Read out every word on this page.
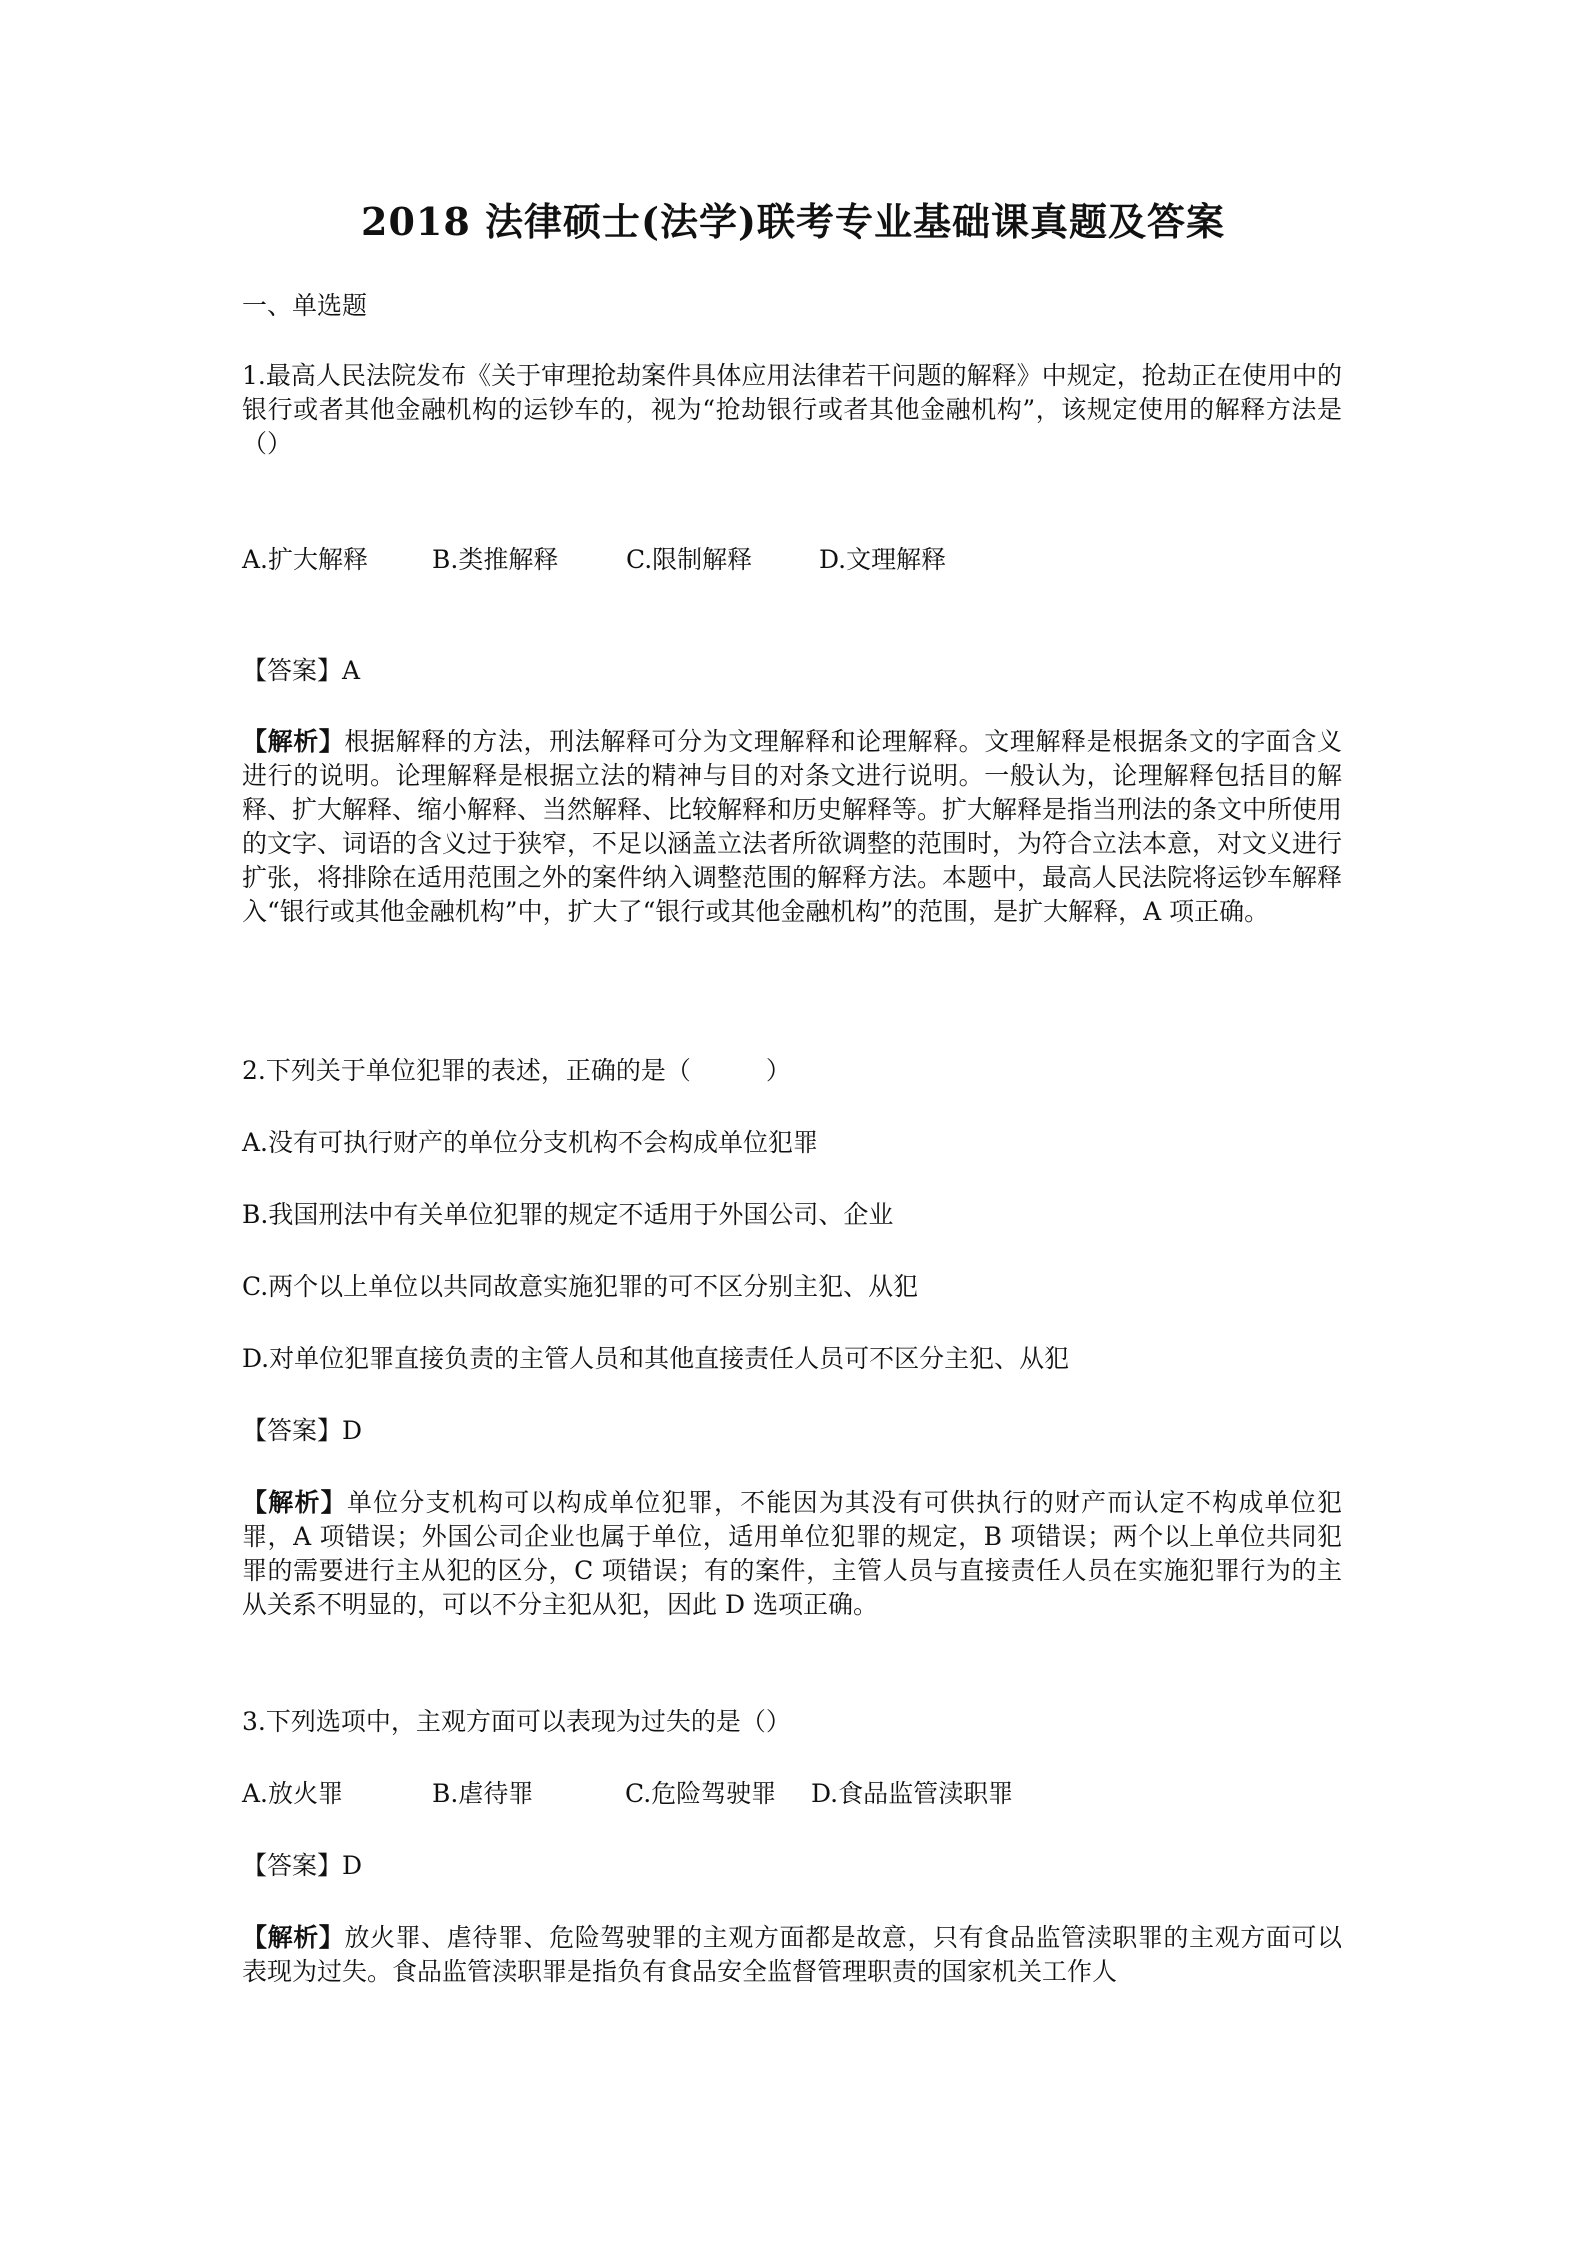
2018 法律硕士(法学)联考专业基础课真题及答案
一、单选题
1.最高人民法院发布《关于审理抢劫案件具体应用法律若干问题的解释》中规定，抢劫正在使用中的银行或者其他金融机构的运钞车的，视为“抢劫银行或者其他金融机构”，该规定使用的解释方法是（）
A.扩大解释	B.类推解释	C.限制解释	D.文理解释
【答案】A
【解析】根据解释的方法，刑法解释可分为文理解释和论理解释。文理解释是根据条文的字面含义进行的说明。论理解释是根据立法的精神与目的对条文进行说明。一般认为，论理解释包括目的解释、扩大解释、缩小解释、当然解释、比较解释和历史解释等。扩大解释是指当刑法的条文中所使用的文字、词语的含义过于狭窄，不足以涵盖立法者所欲调整的范围时，为符合立法本意，对文义进行扩张，将排除在适用范围之外的案件纳入调整范围的解释方法。本题中，最高人民法院将运钞车解释入“银行或其他金融机构”中，扩大了“银行或其他金融机构”的范围，是扩大解释，A 项正确。
2.下列关于单位犯罪的表述，正确的是（　　　）
A.没有可执行财产的单位分支机构不会构成单位犯罪
B.我国刑法中有关单位犯罪的规定不适用于外国公司、企业
C.两个以上单位以共同故意实施犯罪的可不区分别主犯、从犯
D.对单位犯罪直接负责的主管人员和其他直接责任人员可不区分主犯、从犯
【答案】D
【解析】单位分支机构可以构成单位犯罪，不能因为其没有可供执行的财产而认定不构成单位犯罪，A 项错误；外国公司企业也属于单位，适用单位犯罪的规定，B 项错误；两个以上单位共同犯罪的需要进行主从犯的区分，C 项错误；有的案件，主管人员与直接责任人员在实施犯罪行为的主从关系不明显的，可以不分主犯从犯，因此 D 选项正确。
3.下列选项中，主观方面可以表现为过失的是（）
A.放火罪	B.虐待罪	C.危险驾驶罪 D.食品监管渎职罪
【答案】D
【解析】放火罪、虐待罪、危险驾驶罪的主观方面都是故意，只有食品监管渎职罪的主观方面可以表现为过失。食品监管渎职罪是指负有食品安全监督管理职责的国家机关工作人
